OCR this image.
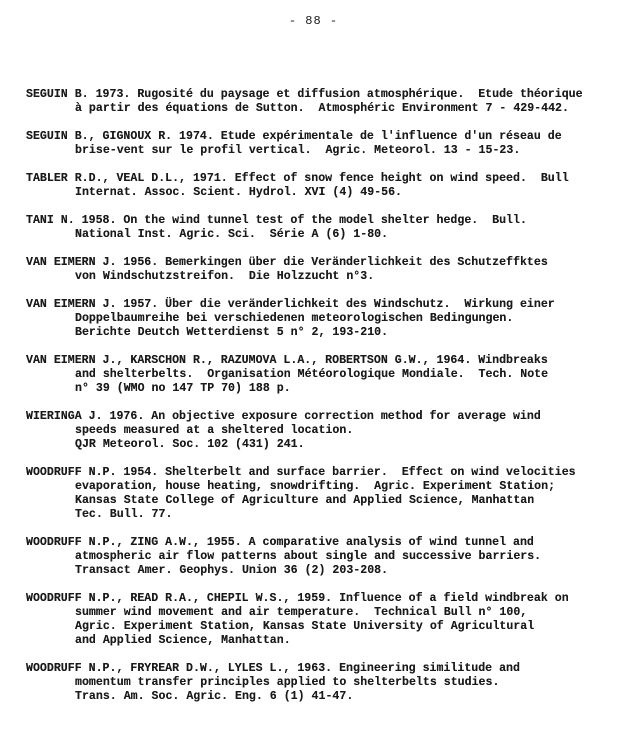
- 88 -
SEGUIN B. 1973. Rugosité du paysage et diffusion atmosphérique.  Etude théorique
à partir des équations de Sutton.  Atmosphéric Environment 7 - 429-442.
SEGUIN B., GIGNOUX R. 1974. Etude expérimentale de l'influence d'un réseau de
brise-vent sur le profil vertical.  Agric. Meteorol. 13 - 15-23.
TABLER R.D., VEAL D.L., 1971. Effect of snow fence height on wind speed.  Bull
Internat. Assoc. Scient. Hydrol. XVI (4) 49-56.
TANI N. 1958. On the wind tunnel test of the model shelter hedge.  Bull.
National Inst. Agric. Sci.  Série A (6) 1-80.
VAN EIMERN J. 1956. Bemerkingen über die Veränderlichkeit des Schutzeffktes
von Windschutzstreifon.  Die Holzzucht n°3.
VAN EIMERN J. 1957. Über die veränderlichkeit des Windschutz.  Wirkung einer
Doppelbaumreihe bei verschiedenen meteorologischen Bedingungen.
Berichte Deutch Wetterdienst 5 n° 2, 193-210.
VAN EIMERN J., KARSCHON R., RAZUMOVA L.A., ROBERTSON G.W., 1964. Windbreaks
and shelterbelts.  Organisation Météorologique Mondiale.  Tech. Note
n° 39 (WMO no 147 TP 70) 188 p.
WIERINGA J. 1976. An objective exposure correction method for average wind
speeds measured at a sheltered location.
QJR Meteorol. Soc. 102 (431) 241.
WOODRUFF N.P. 1954. Shelterbelt and surface barrier.  Effect on wind velocities
evaporation, house heating, snowdrifting.  Agric. Experiment Station;
Kansas State College of Agriculture and Applied Science, Manhattan
Tec. Bull. 77.
WOODRUFF N.P., ZING A.W., 1955. A comparative analysis of wind tunnel and
atmospheric air flow patterns about single and successive barriers.
Transact Amer. Geophys. Union 36 (2) 203-208.
WOODRUFF N.P., READ R.A., CHEPIL W.S., 1959. Influence of a field windbreak on
summer wind movement and air temperature.  Technical Bull n° 100,
Agric. Experiment Station, Kansas State University of Agricultural
and Applied Science, Manhattan.
WOODRUFF N.P., FRYREAR D.W., LYLES L., 1963. Engineering similitude and
momentum transfer principles applied to shelterbelts studies.
Trans. Am. Soc. Agric. Eng. 6 (1) 41-47.
